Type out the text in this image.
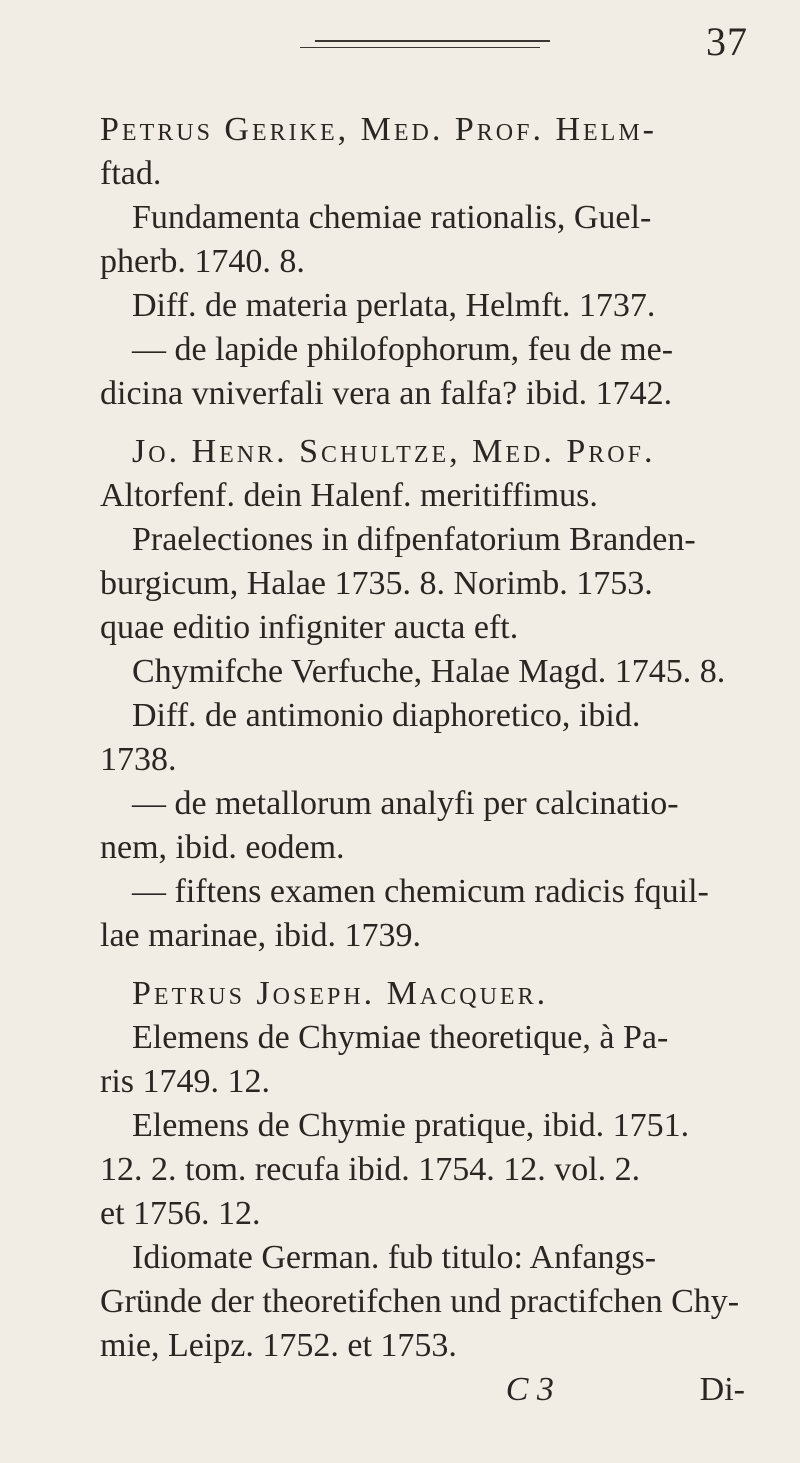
37
Petrus Gerike, Med. Prof. Helm-
ftad.
Fundamenta chemiae rationalis, Guel-
pherb. 1740. 8.
Diff. de materia perlata, Helmft. 1737.
— de lapide philofophorum, feu de me-
dicina vniverfali vera an falfa? ibid. 1742.
Jo. Henr. Schultze, Med. Prof.
Altorfenf. dein Halenf. meritiffimus.
Praelectiones in difpenfatorium Branden-
burgicum, Halae 1735. 8. Norimb. 1753.
quae editio infigniter aucta eft.
Chymifche Verfuche, Halae Magd. 1745. 8.
Diff. de antimonio diaphoretico, ibid.
1738.
— de metallorum analyfi per calcinatio-
nem, ibid. eodem.
— fiftens examen chemicum radicis fquil-
lae marinae, ibid. 1739.
Petrus Joseph. Macquer.
Elemens de Chymiae theoretique, à Pa-
ris 1749. 12.
Elemens de Chymie pratique, ibid. 1751.
12. 2. tom. recufa ibid. 1754. 12. vol. 2.
et 1756. 12.
Idiomate German. fub titulo: Anfangs-
Gründe der theoretifchen und practifchen Chy-
mie, Leipz. 1752. et 1753.
C 3	Di-
